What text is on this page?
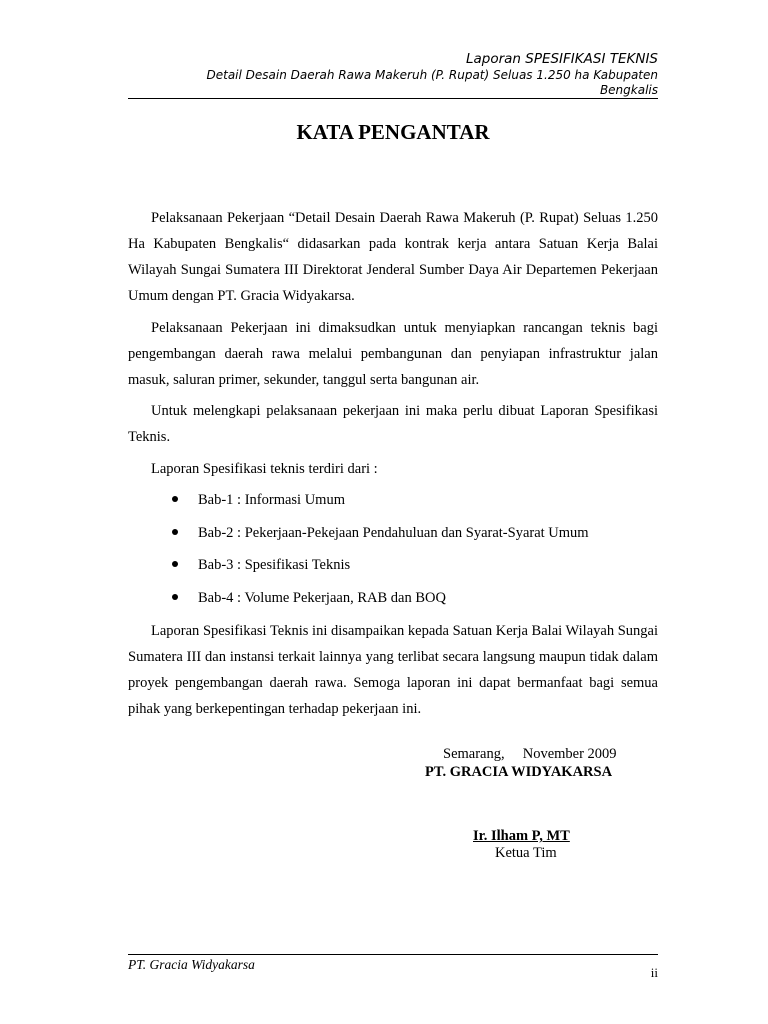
Laporan SPESIFIKASI TEKNIS
Detail Desain Daerah Rawa Makeruh (P. Rupat) Seluas 1.250 ha Kabupaten Bengkalis
KATA PENGANTAR

Pelaksanaan Pekerjaan “Detail Desain Daerah Rawa Makeruh (P. Rupat) Seluas 1.250 Ha Kabupaten Bengkalis“ didasarkan pada kontrak kerja antara Satuan Kerja Balai Wilayah Sungai Sumatera III Direktorat Jenderal Sumber Daya Air Departemen Pekerjaan Umum dengan PT. Gracia Widyakarsa.

Pelaksanaan Pekerjaan ini dimaksudkan untuk menyiapkan rancangan teknis bagi pengembangan daerah rawa melalui pembangunan dan penyiapan infrastruktur jalan masuk, saluran primer, sekunder, tanggul serta bangunan air.

Untuk melengkapi pelaksanaan pekerjaan ini maka perlu dibuat Laporan Spesifikasi Teknis.

Laporan Spesifikasi teknis terdiri dari :

Bab-1 : Informasi Umum
Bab-2 : Pekerjaan-Pekejaan Pendahuluan dan Syarat-Syarat Umum
Bab-3 : Spesifikasi Teknis
Bab-4 : Volume Pekerjaan, RAB dan BOQ

Laporan Spesifikasi Teknis ini disampaikan kepada Satuan Kerja Balai Wilayah Sungai Sumatera III dan instansi terkait lainnya yang terlibat secara langsung maupun tidak dalam proyek pengembangan daerah rawa. Semoga laporan ini dapat bermanfaat bagi semua pihak yang berkepentingan terhadap pekerjaan ini.

Semarang,     November 2009
PT. GRACIA WIDYAKARSA
Ir. Ilham P, MT
Ketua Tim
PT. Gracia Widyakarsa
ii
